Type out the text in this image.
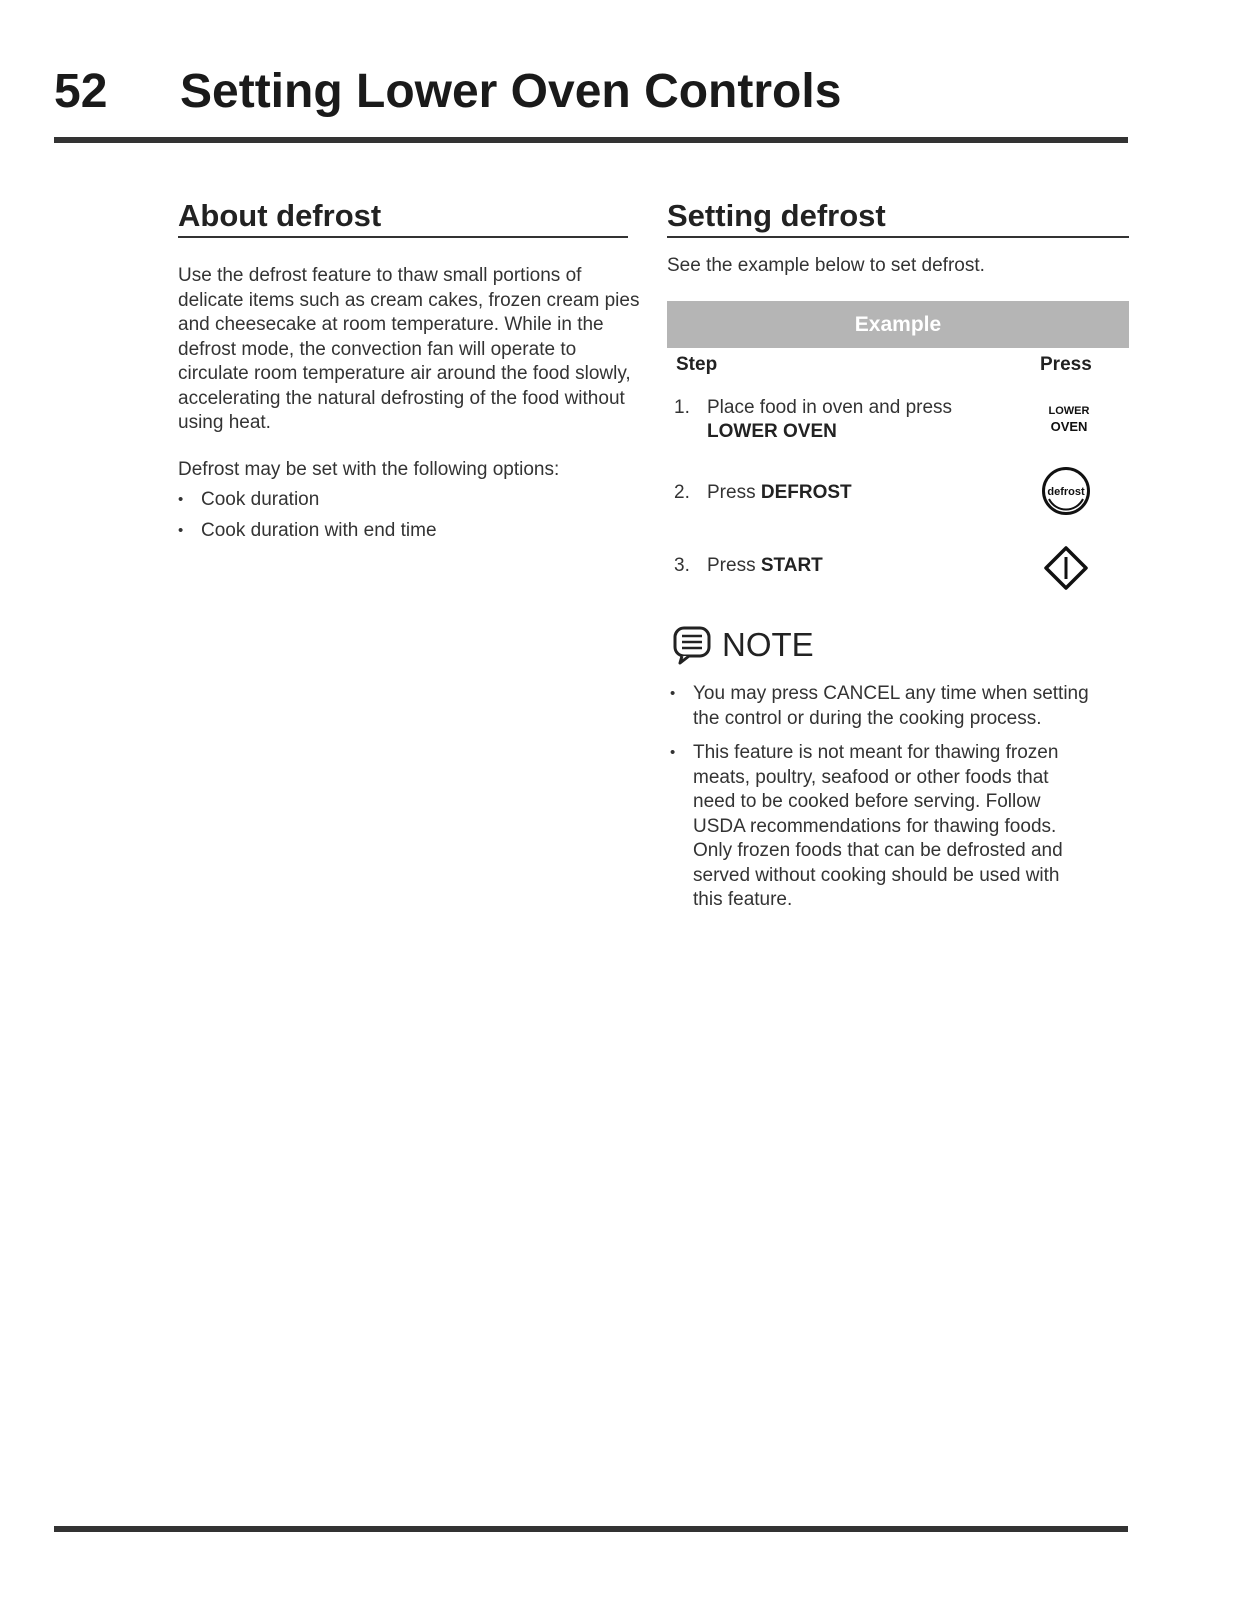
52 Setting Lower Oven Controls
About defrost

Use the defrost feature to thaw small portions of delicate items such as cream cakes, frozen cream pies and cheesecake at room temperature. While in the defrost mode, the convection fan will operate to circulate room temperature air around the food slowly, accelerating the natural defrosting of the food without using heat.

Defrost may be set with the following options:

• Cook duration
• Cook duration with end time
Setting defrost

See the example below to set defrost.

Example
Step	Press
1. Place food in oven and press
LOWER OVEN
LOWER
OVEN
2. Press DEFROST	defrost
3. Press START
NOTE
• You may press CANCEL any time when setting the control or during the cooking process.
• This feature is not meant for thawing frozen meats, poultry, seafood or other foods that need to be cooked before serving. Follow USDA recommendations for thawing foods. Only frozen foods that can be defrosted and served without cooking should be used with this feature.
